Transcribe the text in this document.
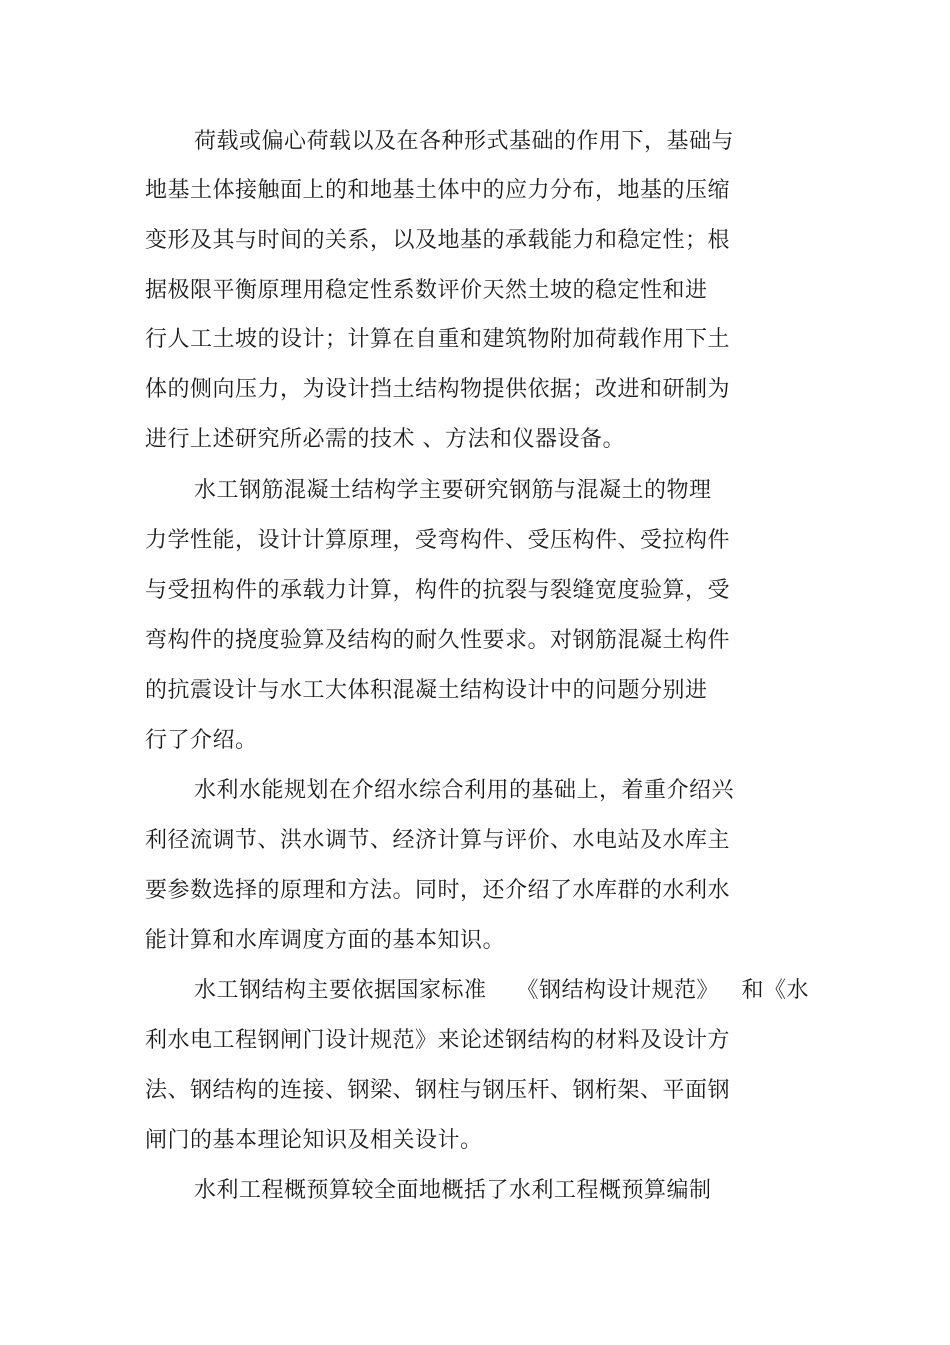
荷载或偏心荷载以及在各种形式基础的作用下，基础与

地基土体接触面上的和地基土体中的应力分布，地基的压缩

变形及其与时间的关系，以及地基的承载能力和稳定性；根

据极限平衡原理用稳定性系数评价天然土坡的稳定性和进

行人工土坡的设计；计算在自重和建筑物附加荷载作用下土

体的侧向压力，为设计挡土结构物提供依据；改进和研制为

进行上述研究所必需的技术 、方法和仪器设备。

水工钢筋混凝土结构学主要研究钢筋与混凝土的物理

力学性能，设计计算原理，受弯构件、受压构件、受拉构件

与受扭构件的承载力计算，构件的抗裂与裂缝宽度验算，受

弯构件的挠度验算及结构的耐久性要求。对钢筋混凝土构件

的抗震设计与水工大体积混凝土结构设计中的问题分别进

行了介绍。

水利水能规划在介绍水综合利用的基础上，着重介绍兴

利径流调节、洪水调节、经济计算与评价、水电站及水库主

要参数选择的原理和方法。同时，还介绍了水库群的水利水

能计算和水库调度方面的基本知识。

水工钢结构主要依据国家标准    《钢结构设计规范》   和《水

利水电工程钢闸门设计规范》来论述钢结构的材料及设计方

法、钢结构的连接、钢梁、钢柱与钢压杆、钢桁架、平面钢

闸门的基本理论知识及相关设计。

水利工程概预算较全面地概括了水利工程概预算编制
